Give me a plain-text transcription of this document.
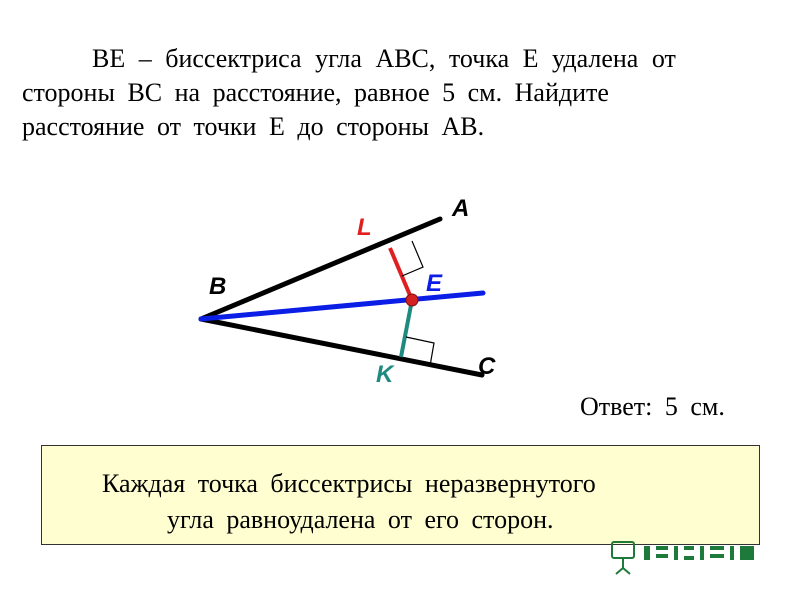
ВЕ – биссектриса угла АВС, точка Е удалена от
стороны ВС на расстояние, равное 5 см. Найдите
расстояние от точки Е до стороны АВ.

A
B
C
E
L
K
Ответ: 5 см.
Каждая точка биссектрисы неразвернутого
угла равноудалена от его сторон.
